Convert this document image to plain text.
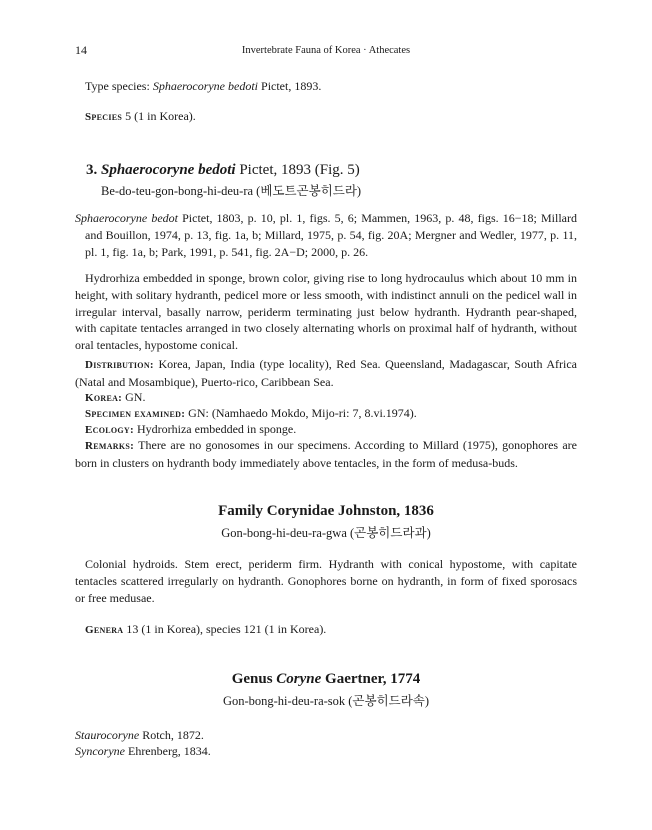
14	Invertebrate Fauna of Korea · Athecates
Type species: Sphaerocoryne bedoti Pictet, 1893.
Species 5 (1 in Korea).
3. Sphaerocoryne bedoti Pictet, 1893 (Fig. 5)
Be-do-teu-gon-bong-hi-deu-ra (베도트곤봉히드라)
Sphaerocoryne bedot Pictet, 1803, p. 10, pl. 1, figs. 5, 6; Mammen, 1963, p. 48, figs. 16−18; Millard and Bouillon, 1974, p. 13, fig. 1a, b; Millard, 1975, p. 54, fig. 20A; Mergner and Wedler, 1977, p. 11, pl. 1, fig. 1a, b; Park, 1991, p. 541, fig. 2A−D; 2000, p. 26.
Hydrorhiza embedded in sponge, brown color, giving rise to long hydrocaulus which about 10 mm in height, with solitary hydranth, pedicel more or less smooth, with indistinct annuli on the pedicel wall in irregular interval, basally narrow, periderm terminating just below hydranth. Hydranth pear-shaped, with capitate tentacles arranged in two closely alternating whorls on proximal half of hydranth, without oral tentacles, hypostome conical.
Distribution: Korea, Japan, India (type locality), Red Sea. Queensland, Madagascar, South Africa (Natal and Mosambique), Puerto-rico, Caribbean Sea.
Korea: GN.
Specimen examined: GN: (Namhaedo Mokdo, Mijo-ri: 7, 8.vi.1974).
Ecology: Hydrorhiza embedded in sponge.
Remarks: There are no gonosomes in our specimens. According to Millard (1975), gonophores are born in clusters on hydranth body immediately above tentacles, in the form of medusa-buds.
Family Corynidae Johnston, 1836
Gon-bong-hi-deu-ra-gwa (곤봉히드라과)
Colonial hydroids. Stem erect, periderm firm. Hydranth with conical hypostome, with capitate tentacles scattered irregularly on hydranth. Gonophores borne on hydranth, in form of fixed sporosacs or free medusae.
Genera 13 (1 in Korea), species 121 (1 in Korea).
Genus Coryne Gaertner, 1774
Gon-bong-hi-deu-ra-sok (곤봉히드라속)
Staurocoryne Rotch, 1872.
Syncoryne Ehrenberg, 1834.
